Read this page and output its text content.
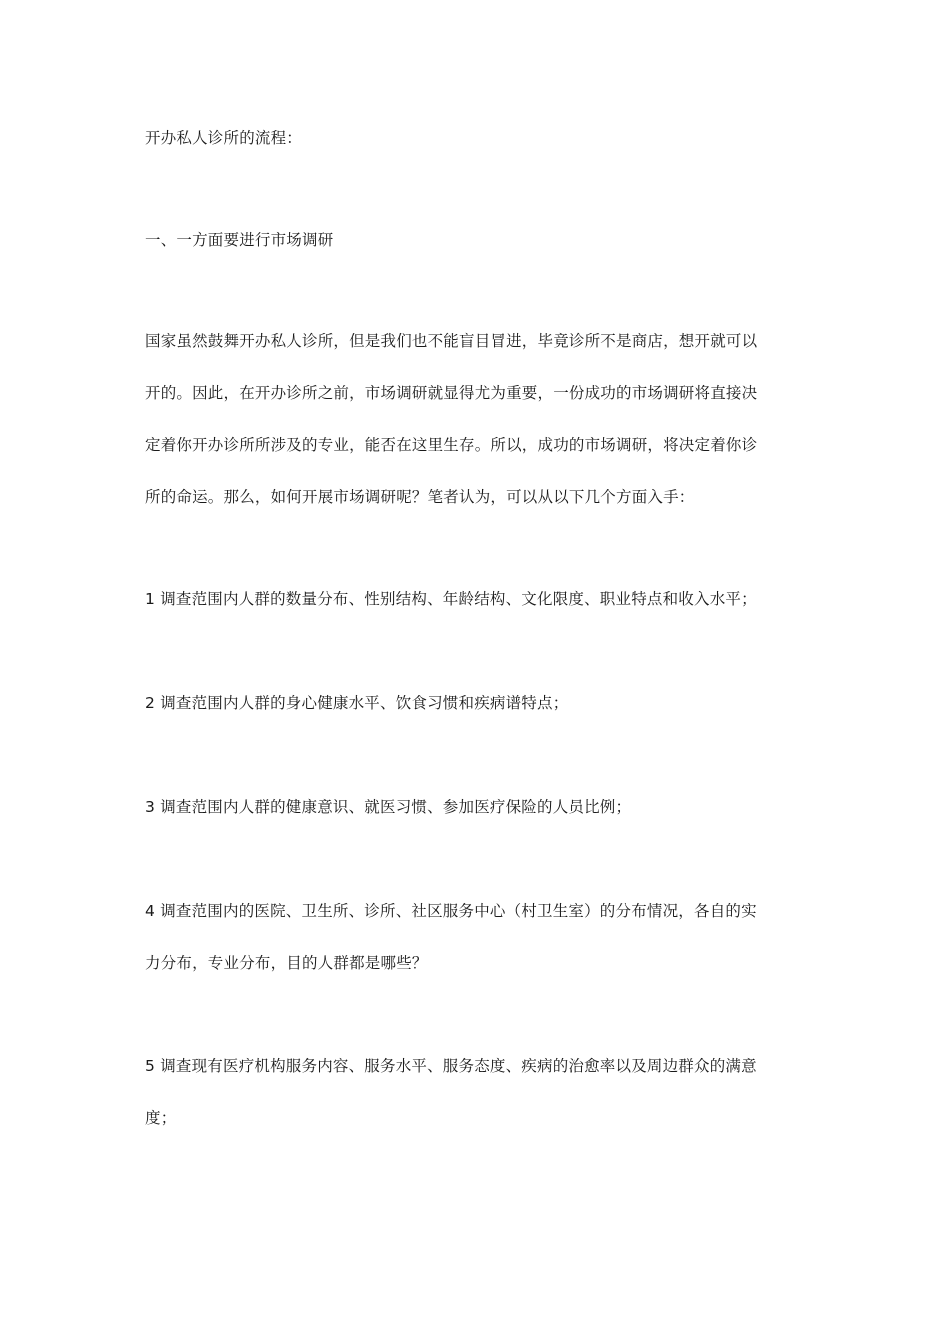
开办私人诊所的流程：

一、一方面要进行市场调研

国家虽然鼓舞开办私人诊所，但是我们也不能盲目冒进，毕竟诊所不是商店，想开就可以
开的。因此，在开办诊所之前，市场调研就显得尤为重要，一份成功的市场调研将直接决
定着你开办诊所所涉及的专业，能否在这里生存。所以，成功的市场调研，将决定着你诊
所的命运。那么，如何开展市场调研呢？笔者认为，可以从以下几个方面入手：

1 调查范围内人群的数量分布、性别结构、年龄结构、文化限度、职业特点和收入水平；

2 调查范围内人群的身心健康水平、饮食习惯和疾病谱特点；

3 调查范围内人群的健康意识、就医习惯、参加医疗保险的人员比例；

4 调查范围内的医院、卫生所、诊所、社区服务中心（村卫生室）的分布情况，各自的实
力分布，专业分布，目的人群都是哪些？

5 调查现有医疗机构服务内容、服务水平、服务态度、疾病的治愈率以及周边群众的满意
度；
